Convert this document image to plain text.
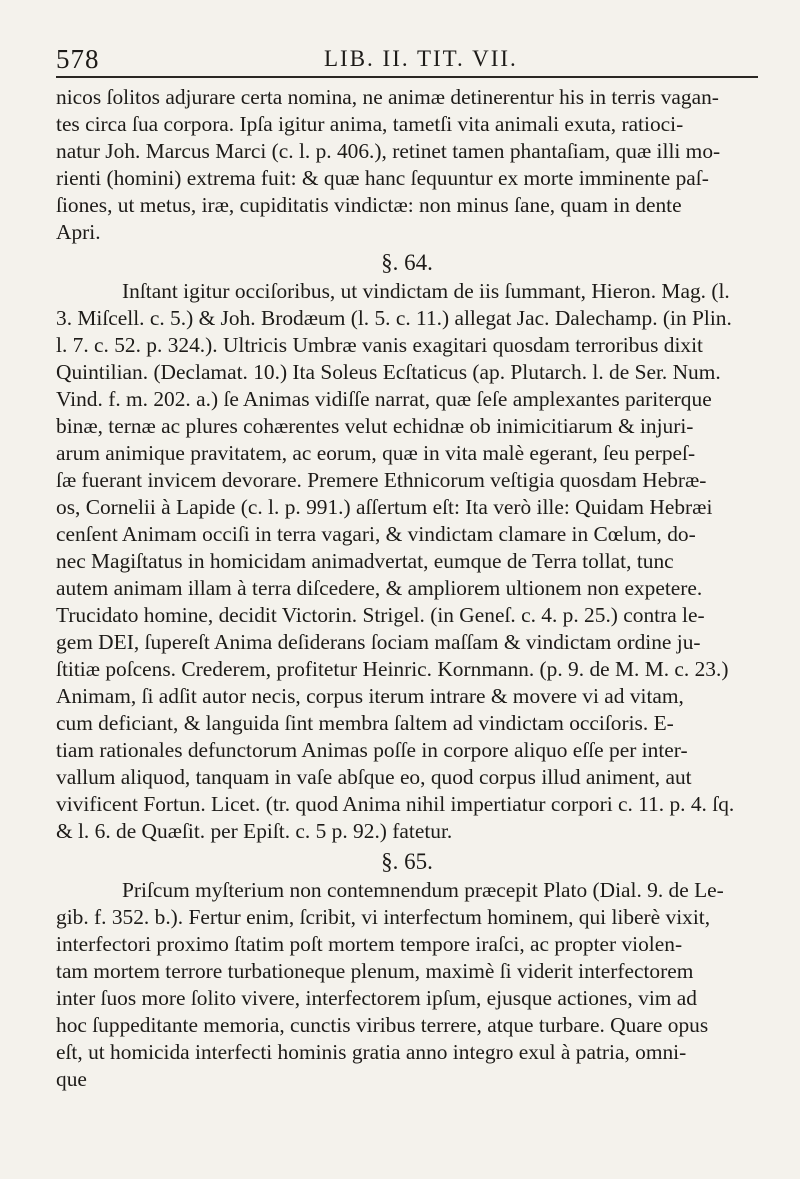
578	LIB. II. TIT. VII.
nicos ſolitos adjurare certa nomina, ne animæ detinerentur his in terris vagan-
tes circa ſua corpora. Ipſa igitur anima, tametſi vita animali exuta, ratioci-
natur Joh. Marcus Marci (c. l. p. 406.), retinet tamen phantaſiam, quæ illi mo-
rienti (homini) extrema fuit: & quæ hanc ſequuntur ex morte imminente paſ-
ſiones, ut metus, iræ, cupiditatis vindictæ: non minus ſane, quam in dente
Apri.
§. 64.
Inſtant igitur occiſoribus, ut vindictam de iis ſummant, Hieron. Mag. (l.
3. Miſcell. c. 5.) & Joh. Brodæum (l. 5. c. 11.) allegat Jac. Dalechamp. (in Plin.
l. 7. c. 52. p. 324.). Ultricis Umbræ vanis exagitari quosdam terroribus dixit
Quintilian. (Declamat. 10.) Ita Soleus Ecſtaticus (ap. Plutarch. l. de Ser. Num.
Vind. f. m. 202. a.) ſe Animas vidiſſe narrat, quæ ſeſe amplexantes pariterque
binæ, ternæ ac plures cohærentes velut echidnæ ob inimicitiarum & injuri-
arum animique pravitatem, ac eorum, quæ in vita malè egerant, ſeu perpeſ-
ſæ fuerant invicem devorare. Premere Ethnicorum veſtigia quosdam Hebræ-
os, Cornelii à Lapide (c. l. p. 991.) aſſertum eſt: Ita verò ille: Quidam Hebræi
cenſent Animam occiſi in terra vagari, & vindictam clamare in Cœlum, do-
nec Magiſtatus in homicidam animadvertat, eumque de Terra tollat, tunc
autem animam illam à terra diſcedere, & ampliorem ultionem non expetere.
Trucidato homine, decidit Victorin. Strigel. (in Geneſ. c. 4. p. 25.) contra le-
gem DEI, ſupereſt Anima deſiderans ſociam maſſam & vindictam ordine ju-
ſtitiæ poſcens. Crederem, profitetur Heinric. Kornmann. (p. 9. de M. M. c. 23.)
Animam, ſi adſit autor necis, corpus iterum intrare & movere vi ad vitam,
cum deficiant, & languida ſint membra ſaltem ad vindictam occiſoris. E-
tiam rationales defunctorum Animas poſſe in corpore aliquo eſſe per inter-
vallum aliquod, tanquam in vaſe abſque eo, quod corpus illud animent, aut
vivificent Fortun. Licet. (tr. quod Anima nihil impertiatur corpori c. 11. p. 4. ſq.
& l. 6. de Quæſit. per Epiſt. c. 5 p. 92.) fatetur.
§. 65.
Priſcum myſterium non contemnendum præcepit Plato (Dial. 9. de Le-
gib. f. 352. b.). Fertur enim, ſcribit, vi interfectum hominem, qui liberè vixit,
interfectori proximo ſtatim poſt mortem tempore iraſci, ac propter violen-
tam mortem terrore turbationeque plenum, maximè ſi viderit interfectorem
inter ſuos more ſolito vivere, interfectorem ipſum, ejusque actiones, vim ad
hoc ſuppeditante memoria, cunctis viribus terrere, atque turbare. Quare opus
eſt, ut homicida interfecti hominis gratia anno integro exul à patria, omni-
que
